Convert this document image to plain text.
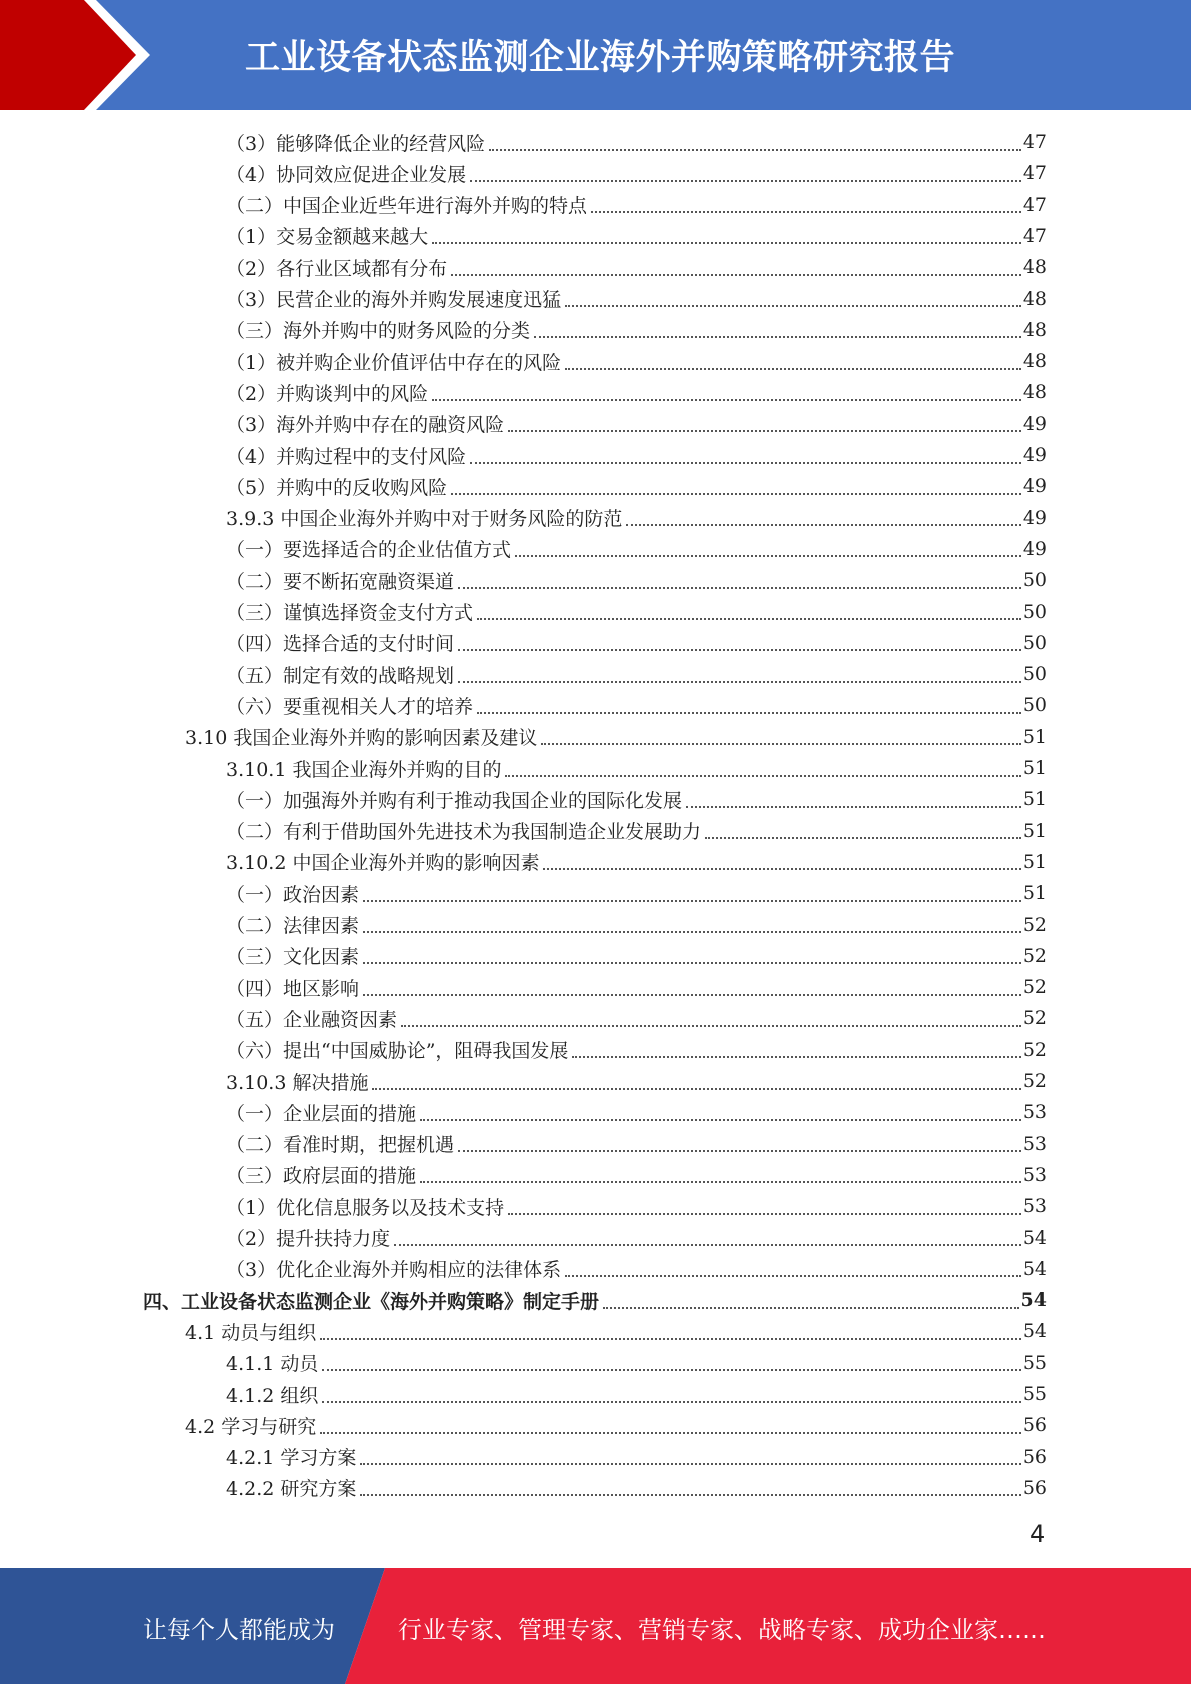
工业设备状态监测企业海外并购策略研究报告
（3）能够降低企业的经营风险	47
（4）协同效应促进企业发展	47
（二）中国企业近些年进行海外并购的特点	47
（1）交易金额越来越大	47
（2）各行业区域都有分布	48
（3）民营企业的海外并购发展速度迅猛	48
（三）海外并购中的财务风险的分类	48
（1）被并购企业价值评估中存在的风险	48
（2）并购谈判中的风险	48
（3）海外并购中存在的融资风险	49
（4）并购过程中的支付风险	49
（5）并购中的反收购风险	49
3.9.3 中国企业海外并购中对于财务风险的防范	49
（一）要选择适合的企业估值方式	49
（二）要不断拓宽融资渠道	50
（三）谨慎选择资金支付方式	50
（四）选择合适的支付时间	50
（五）制定有效的战略规划	50
（六）要重视相关人才的培养	50
3.10 我国企业海外并购的影响因素及建议	51
3.10.1 我国企业海外并购的目的	51
（一）加强海外并购有利于推动我国企业的国际化发展	51
（二）有利于借助国外先进技术为我国制造企业发展助力	51
3.10.2 中国企业海外并购的影响因素	51
（一）政治因素	51
（二）法律因素	52
（三）文化因素	52
（四）地区影响	52
（五）企业融资因素	52
（六）提出“中国威胁论”，阻碍我国发展	52
3.10.3 解决措施	52
（一）企业层面的措施	53
（二）看准时期，把握机遇	53
（三）政府层面的措施	53
（1）优化信息服务以及技术支持	53
（2）提升扶持力度	54
（3）优化企业海外并购相应的法律体系	54
四、工业设备状态监测企业《海外并购策略》制定手册	54
4.1 动员与组织	54
4.1.1 动员	55
4.1.2 组织	55
4.2 学习与研究	56
4.2.1 学习方案	56
4.2.2 研究方案	56
4
让每个人都能成为	行业专家、管理专家、营销专家、战略专家、成功企业家……
